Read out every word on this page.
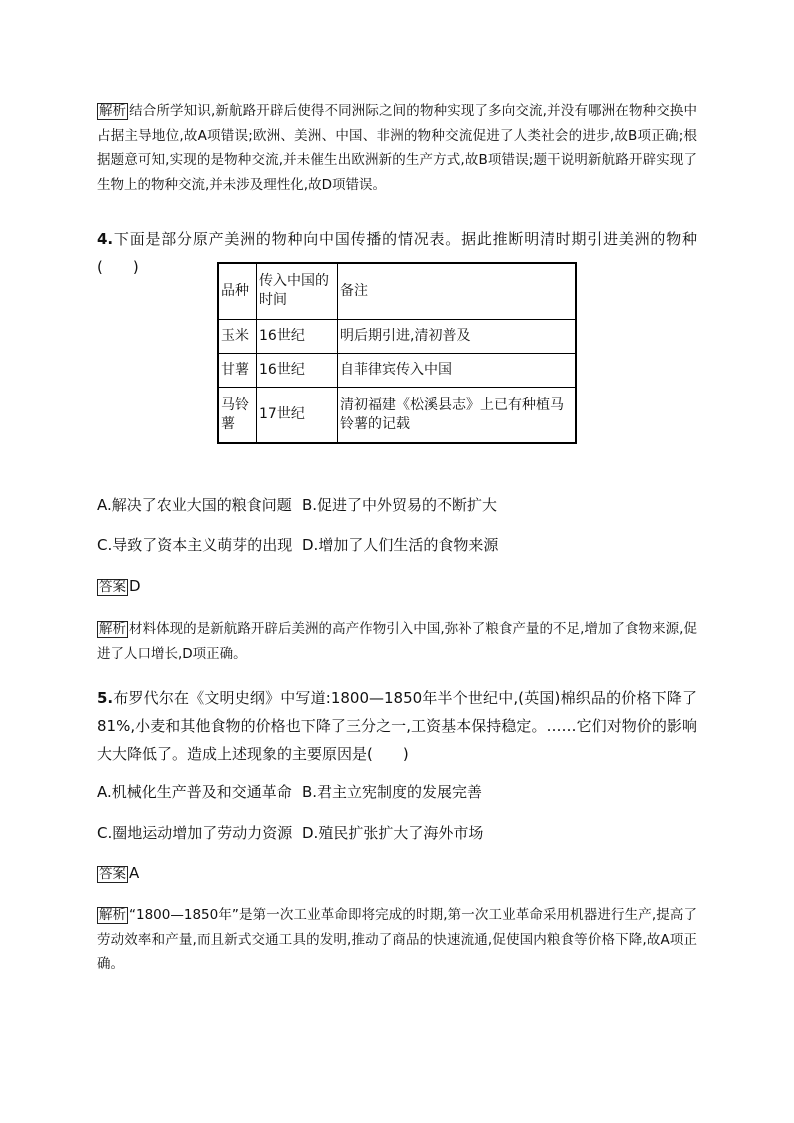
解析 结合所学知识,新航路开辟后使得不同洲际之间的物种实现了多向交流,并没有哪洲在物种交换中占据主导地位,故A项错误;欧洲、美洲、中国、非洲的物种交流促进了人类社会的进步,故B项正确;根据题意可知,实现的是物种交流,并未催生出欧洲新的生产方式,故B项错误;题干说明新航路开辟实现了生物上的物种交流,并未涉及理性化,故D项错误。

4.下面是部分原产美洲的物种向中国传播的情况表。据此推断明清时期引进美洲的物种(　　)

品种	传入中国的时间	备注
玉米	16世纪	明后期引进,清初普及
甘薯	16世纪	自菲律宾传入中国
马铃薯	17世纪	清初福建《松溪县志》上已有种植马铃薯的记载
A.解决了农业大国的粮食问题 B.促进了中外贸易的不断扩大
C.导致了资本主义萌芽的出现 D.增加了人们生活的食物来源
答案 D

解析 材料体现的是新航路开辟后美洲的高产作物引入中国,弥补了粮食产量的不足,增加了食物来源,促进了人口增长,D项正确。

5.布罗代尔在《文明史纲》中写道:1800—1850年半个世纪中,(英国)棉织品的价格下降了81%,小麦和其他食物的价格也下降了三分之一,工资基本保持稳定。……它们对物价的影响大大降低了。造成上述现象的主要原因是(　　)

A.机械化生产普及和交通革命 B.君主立宪制度的发展完善
C.圈地运动增加了劳动力资源 D.殖民扩张扩大了海外市场
答案 A

解析 “1800—1850年”是第一次工业革命即将完成的时期,第一次工业革命采用机器进行生产,提高了劳动效率和产量,而且新式交通工具的发明,推动了商品的快速流通,促使国内粮食等价格下降,故A项正确。
